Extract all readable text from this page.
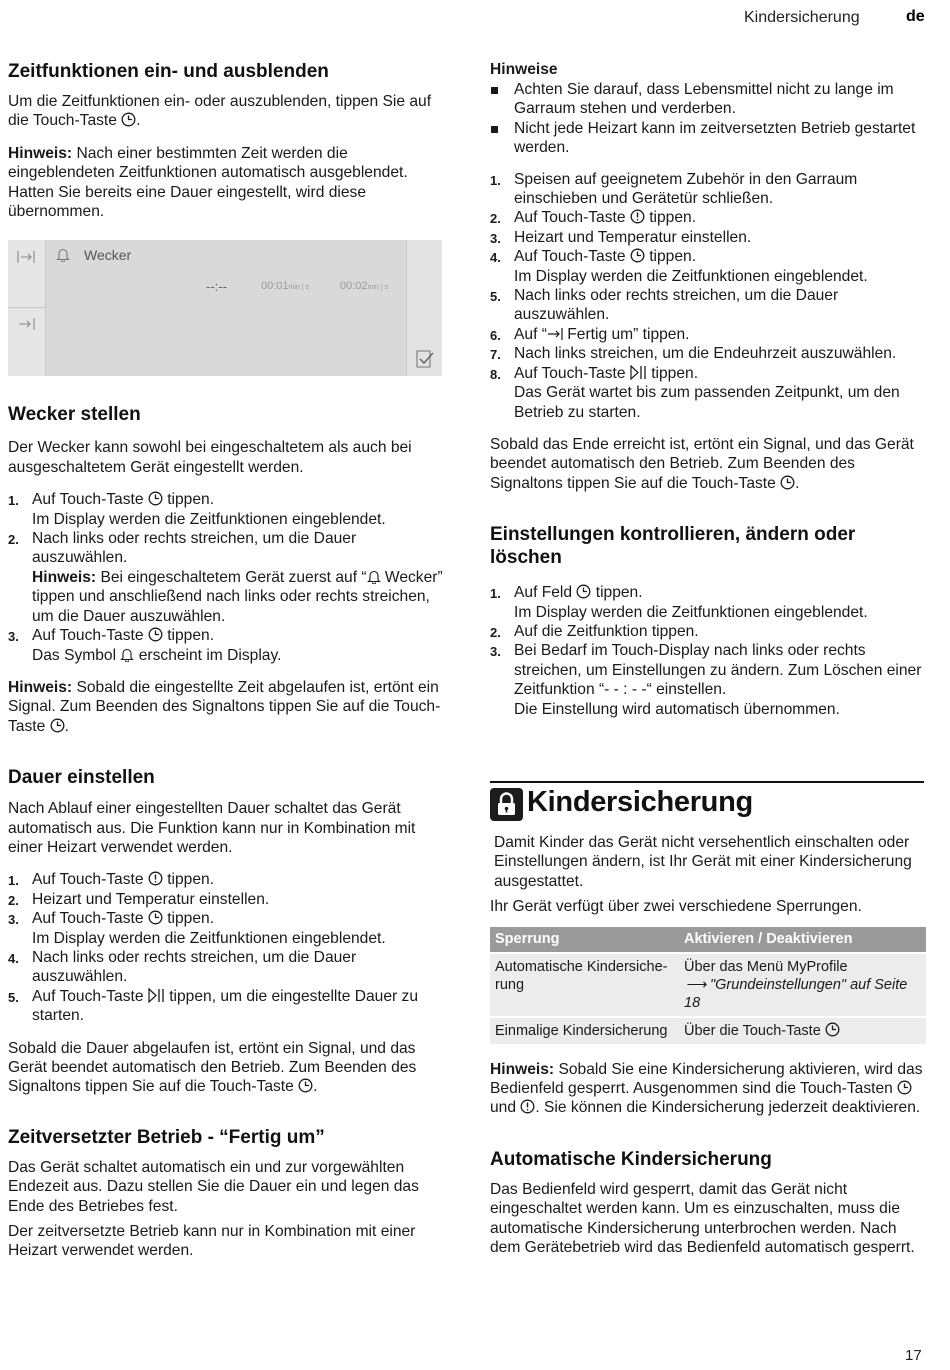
Kindersicherung	de
Zeitfunktionen ein- und ausblenden

Um die Zeitfunktionen ein- oder auszublenden, tippen Sie auf die Touch-Taste .

Hinweis: Nach einer bestimmten Zeit werden die eingeblendeten Zeitfunktionen automatisch ausgeblendet. Hatten Sie bereits eine Dauer eingestellt, wird diese übernommen.

Wecker
--:--	00:01min | s	00:02min | s
Wecker stellen

Der Wecker kann sowohl bei eingeschaltetem als auch bei ausgeschaltetem Gerät eingestellt werden.

1. Auf Touch-Taste  tippen.
Im Display werden die Zeitfunktionen eingeblendet.
2. Nach links oder rechts streichen, um die Dauer auszuwählen.
Hinweis: Bei eingeschaltetem Gerät zuerst auf “ Wecker” tippen und anschließend nach links oder rechts streichen, um die Dauer auszuwählen.
3. Auf Touch-Taste  tippen.
Das Symbol  erscheint im Display.

Hinweis: Sobald die eingestellte Zeit abgelaufen ist, ertönt ein Signal. Zum Beenden des Signaltons tippen Sie auf die Touch-Taste .

Dauer einstellen

Nach Ablauf einer eingestellten Dauer schaltet das Gerät automatisch aus. Die Funktion kann nur in Kombination mit einer Heizart verwendet werden.

1. Auf Touch-Taste  tippen.
2. Heizart und Temperatur einstellen.
3. Auf Touch-Taste  tippen.
Im Display werden die Zeitfunktionen eingeblendet.
4. Nach links oder rechts streichen, um die Dauer auszuwählen.
5. Auf Touch-Taste  tippen, um die eingestellte Dauer zu starten.

Sobald die Dauer abgelaufen ist, ertönt ein Signal, und das Gerät beendet automatisch den Betrieb. Zum Beenden des Signaltons tippen Sie auf die Touch-Taste .

Zeitversetzter Betrieb - “Fertig um”

Das Gerät schaltet automatisch ein und zur vorgewählten Endezeit aus. Dazu stellen Sie die Dauer ein und legen das Ende des Betriebes fest.

Der zeitversetzte Betrieb kann nur in Kombination mit einer Heizart verwendet werden.

Hinweise

Achten Sie darauf, dass Lebensmittel nicht zu lange im Garraum stehen und verderben.
Nicht jede Heizart kann im zeitversetzten Betrieb gestartet werden.
1. Speisen auf geeignetem Zubehör in den Garraum einschieben und Gerätetür schließen.
2. Auf Touch-Taste  tippen.
3. Heizart und Temperatur einstellen.
4. Auf Touch-Taste  tippen.
Im Display werden die Zeitfunktionen eingeblendet.
5. Nach links oder rechts streichen, um die Dauer auszuwählen.
6. Auf “ Fertig um” tippen.
7. Nach links streichen, um die Endeuhrzeit auszuwählen.
8. Auf Touch-Taste  tippen.
Das Gerät wartet bis zum passenden Zeitpunkt, um den Betrieb zu starten.

Sobald das Ende erreicht ist, ertönt ein Signal, und das Gerät beendet automatisch den Betrieb. Zum Beenden des Signaltons tippen Sie auf die Touch-Taste .

Einstellungen kontrollieren, ändern oder löschen
1. Auf Feld  tippen.
Im Display werden die Zeitfunktionen eingeblendet.
2. Auf die Zeitfunktion tippen.
3. Bei Bedarf im Touch-Display nach links oder rechts streichen, um Einstellungen zu ändern. Zum Löschen einer Zeitfunktion “- - : - -“ einstellen.
Die Einstellung wird automatisch übernommen.
Kindersicherung

Damit Kinder das Gerät nicht versehentlich einschalten oder Einstellungen ändern, ist Ihr Gerät mit einer Kindersicherung ausgestattet.

Ihr Gerät verfügt über zwei verschiedene Sperrungen.

Sperrung	Aktivieren / Deaktivieren
Automatische Kindersiche-rung	Über das Menü MyProfile
⟶ "Grundeinstellungen" auf Seite 18
Einmalige Kindersicherung	Über die Touch-Taste

Hinweis: Sobald Sie eine Kindersicherung aktivieren, wird das Bedienfeld gesperrt. Ausgenommen sind die Touch-Tasten  und . Sie können die Kindersicherung jederzeit deaktivieren.

Automatische Kindersicherung

Das Bedienfeld wird gesperrt, damit das Gerät nicht eingeschaltet werden kann. Um es einzuschalten, muss die automatische Kindersicherung unterbrochen werden. Nach dem Gerätebetrieb wird das Bedienfeld automatisch gesperrt.

17
